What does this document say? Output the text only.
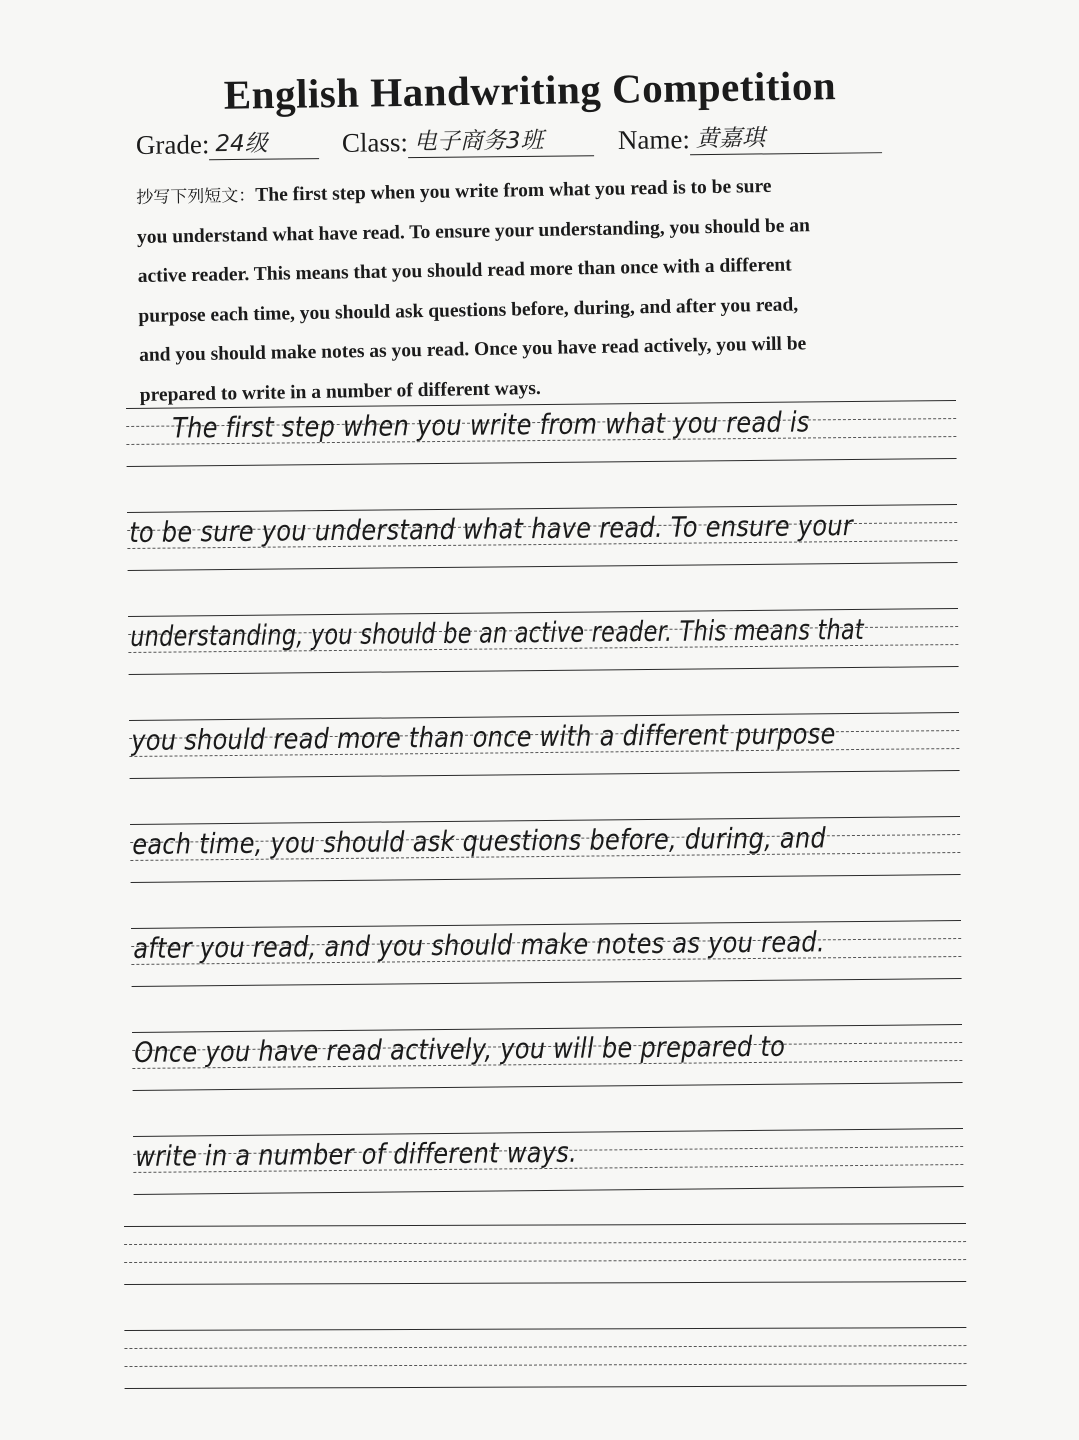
English Handwriting Competition
Grade: 24级	Class: 电子商务3班	Name: 黄嘉琪
抄写下列短文：The first step when you write from what you read is to be sure
you understand what have read. To ensure your understanding, you should be an
active reader. This means that you should read more than once with a different
purpose each time, you should ask questions before, during, and after you read,
and you should make notes as you read. Once you have read actively, you will be
prepared to write in a number of different ways.
The first step when you write from what you read is
to be sure you understand what have read. To ensure your
understanding, you should be an active reader. This means that
you should read more than once with a different purpose
each time, you should ask questions before, during, and
after you read, and you should make notes as you read.
Once you have read actively, you will be prepared to
write in a number of different ways.
